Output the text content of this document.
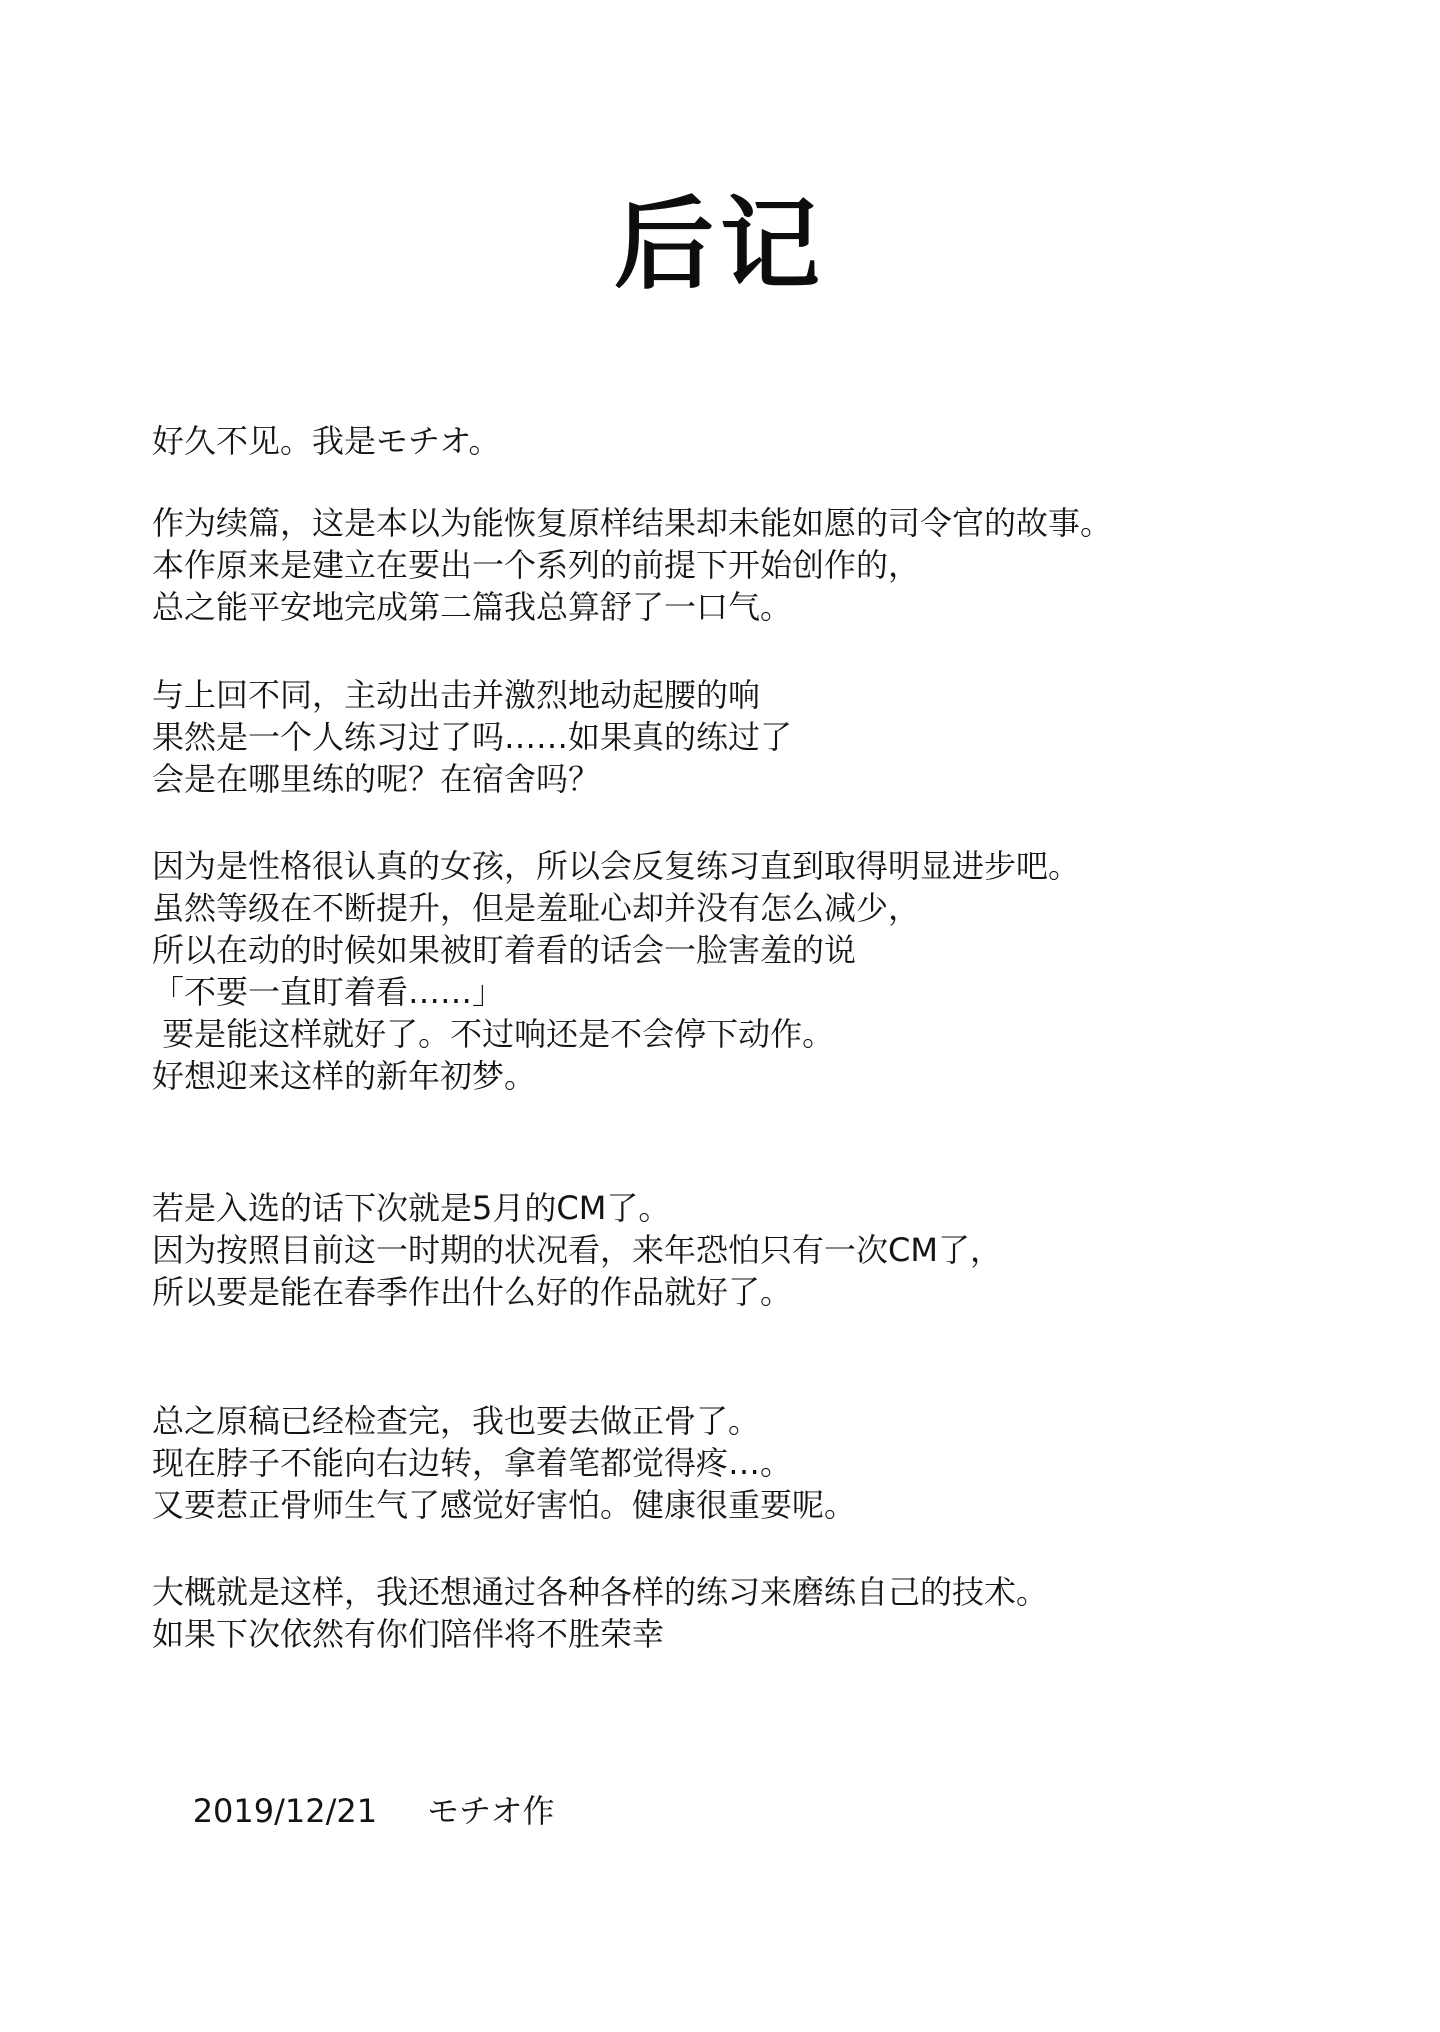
后记
好久不见。我是モチオ。
作为续篇，这是本以为能恢复原样结果却未能如愿的司令官的故事。
本作原来是建立在要出一个系列的前提下开始创作的，
总之能平安地完成第二篇我总算舒了一口气。
与上回不同，主动出击并激烈地动起腰的响
果然是一个人练习过了吗……如果真的练过了
会是在哪里练的呢？在宿舍吗？
因为是性格很认真的女孩，所以会反复练习直到取得明显进步吧。
虽然等级在不断提升，但是羞耻心却并没有怎么减少，
所以在动的时候如果被盯着看的话会一脸害羞的说
「不要一直盯着看……」
要是能这样就好了。不过响还是不会停下动作。
好想迎来这样的新年初梦。
若是入选的话下次就是5月的CM了。
因为按照目前这一时期的状况看，来年恐怕只有一次CM了，
所以要是能在春季作出什么好的作品就好了。
总之原稿已经检查完，我也要去做正骨了。
现在脖子不能向右边转，拿着笔都觉得疼…。
又要惹正骨师生气了感觉好害怕。健康很重要呢。
大概就是这样，我还想通过各种各样的练习来磨练自己的技术。
如果下次依然有你们陪伴将不胜荣幸

2019/12/21 モチオ作
